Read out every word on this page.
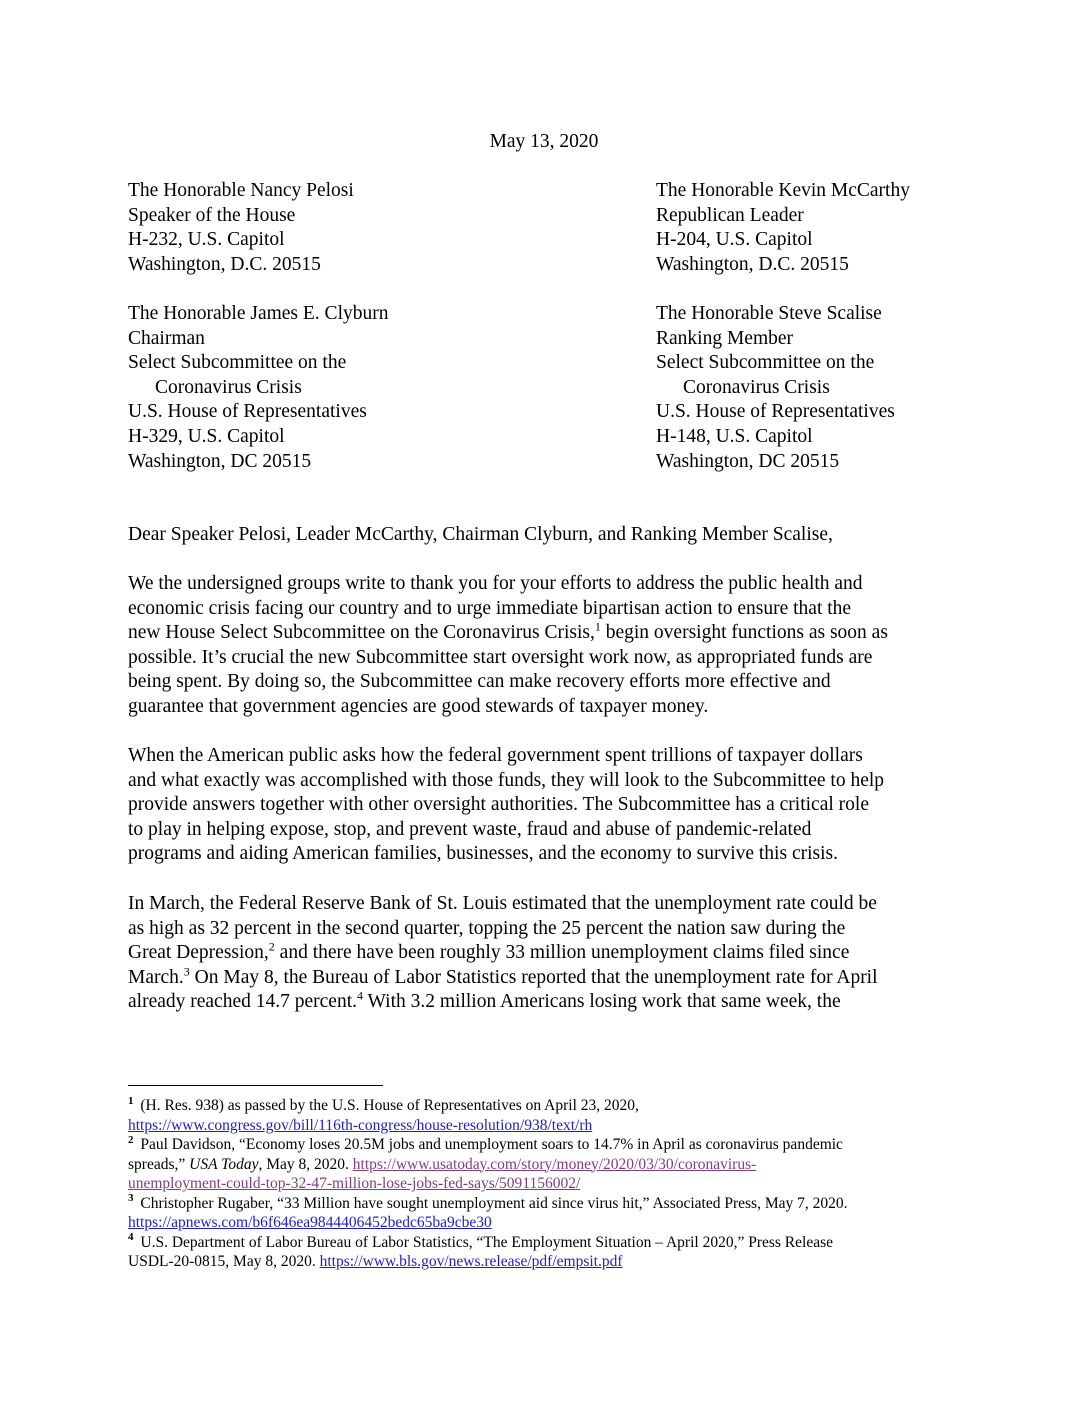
May 13, 2020
The Honorable Nancy Pelosi
Speaker of the House
H-232, U.S. Capitol
Washington, D.C. 20515
The Honorable Kevin McCarthy
Republican Leader
H-204, U.S. Capitol
Washington, D.C. 20515
The Honorable James E. Clyburn
Chairman
Select Subcommittee on the
Coronavirus Crisis
U.S. House of Representatives
H-329, U.S. Capitol
Washington, DC 20515
The Honorable Steve Scalise
Ranking Member
Select Subcommittee on the
Coronavirus Crisis
U.S. House of Representatives
H-148, U.S. Capitol
Washington, DC 20515
Dear Speaker Pelosi, Leader McCarthy, Chairman Clyburn, and Ranking Member Scalise,
We the undersigned groups write to thank you for your efforts to address the public health and
economic crisis facing our country and to urge immediate bipartisan action to ensure that the
new House Select Subcommittee on the Coronavirus Crisis,$^1$ begin oversight functions as soon as
possible. It’s crucial the new Subcommittee start oversight work now, as appropriated funds are
being spent. By doing so, the Subcommittee can make recovery efforts more effective and
guarantee that government agencies are good stewards of taxpayer money.
When the American public asks how the federal government spent trillions of taxpayer dollars
and what exactly was accomplished with those funds, they will look to the Subcommittee to help
provide answers together with other oversight authorities. The Subcommittee has a critical role
to play in helping expose, stop, and prevent waste, fraud and abuse of pandemic-related
programs and aiding American families, businesses, and the economy to survive this crisis.
In March, the Federal Reserve Bank of St. Louis estimated that the unemployment rate could be
as high as 32 percent in the second quarter, topping the 25 percent the nation saw during the
Great Depression,$^2$ and there have been roughly 33 million unemployment claims filed since
March.$^3$ On May 8, the Bureau of Labor Statistics reported that the unemployment rate for April
already reached 14.7 percent.$^4$ With 3.2 million Americans losing work that same week, the
$^1$ (H. Res. 938) as passed by the U.S. House of Representatives on April 23, 2020,
https://www.congress.gov/bill/116th-congress/house-resolution/938/text/rh
$^2$ Paul Davidson, “Economy loses 20.5M jobs and unemployment soars to 14.7% in April as coronavirus pandemic
spreads,” USA Today, May 8, 2020. https://www.usatoday.com/story/money/2020/03/30/coronavirus-
unemployment-could-top-32-47-million-lose-jobs-fed-says/5091156002/
$^3$ Christopher Rugaber, “33 Million have sought unemployment aid since virus hit,” Associated Press, May 7, 2020.
https://apnews.com/b6f646ea9844406452bedc65ba9cbe30
$^4$ U.S. Department of Labor Bureau of Labor Statistics, “The Employment Situation – April 2020,” Press Release
USDL-20-0815, May 8, 2020. https://www.bls.gov/news.release/pdf/empsit.pdf
